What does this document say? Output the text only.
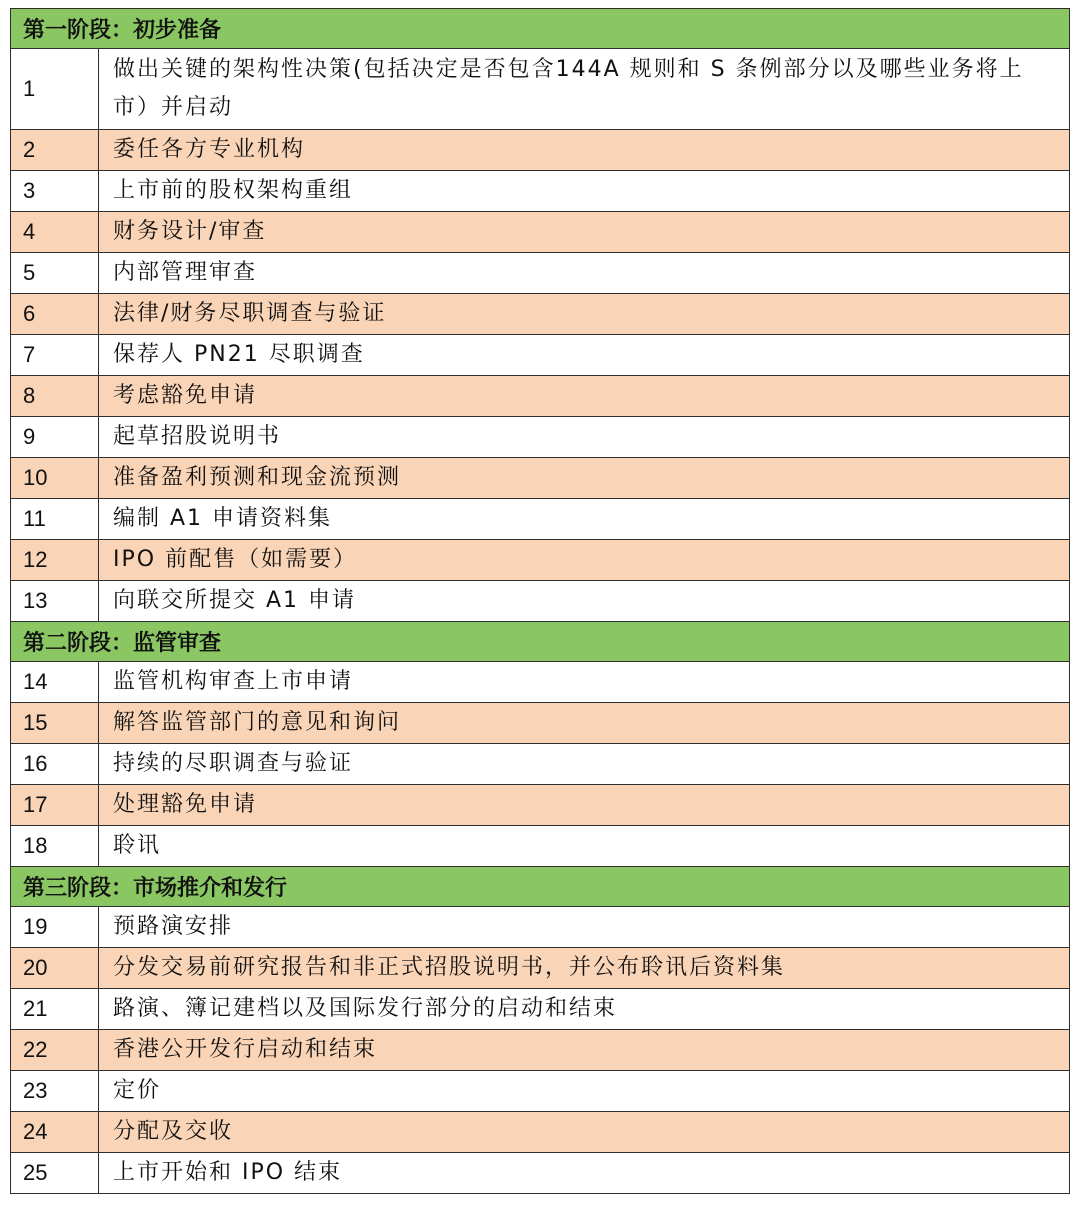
第一阶段：初步准备	
1	做出关键的架构性决策(包括决定是否包含144A 规则和 S 条例部分以及哪些业务将上市）并启动
2	委任各方专业机构
3	上市前的股权架构重组
4	财务设计/审查
5	内部管理审查
6	法律/财务尽职调查与验证
7	保荐人 PN21 尽职调查
8	考虑豁免申请
9	起草招股说明书
10	准备盈利预测和现金流预测
11	编制 A1 申请资料集
12	IPO 前配售（如需要）
13	向联交所提交 A1 申请
第二阶段：监管审查	
14	监管机构审查上市申请
15	解答监管部门的意见和询问
16	持续的尽职调查与验证
17	处理豁免申请
18	聆讯
第三阶段：市场推介和发行	
19	预路演安排
20	分发交易前研究报告和非正式招股说明书，并公布聆讯后资料集
21	路演、簿记建档以及国际发行部分的启动和结束
22	香港公开发行启动和结束
23	定价
24	分配及交收
25	上市开始和 IPO 结束
